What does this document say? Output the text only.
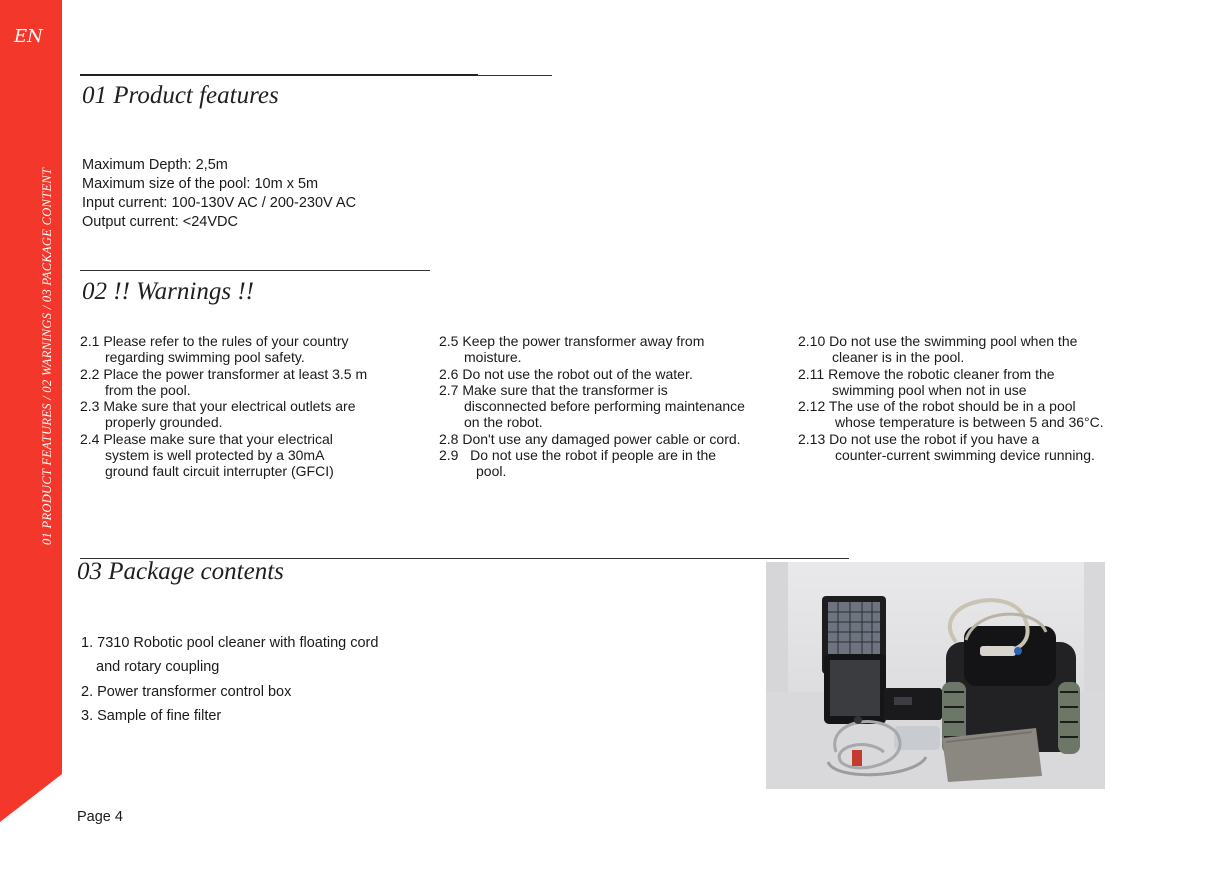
EN
01 PRODUCT FEATURES / 02 WARNINGS / 03 PACKAGE CONTENT
01 Product features
Maximum Depth: 2,5m
Maximum size of the pool: 10m x 5m
Input current: 100-130V AC / 200-230V AC
Output current: <24VDC
02 !! Warnings !!
2.1 Please refer to the rules of your country
regarding swimming pool safety.
2.2 Place the power transformer at least 3.5 m
from the pool.
2.3 Make sure that your electrical outlets are
properly grounded.
2.4 Please make sure that your electrical
system is well protected by a 30mA
ground fault circuit interrupter (GFCI)
2.5 Keep the power transformer away from
moisture.
2.6 Do not use the robot out of the water.
2.7 Make sure that the transformer is
disconnected before performing maintenance
on the robot.
2.8 Don't use any damaged power cable or cord.
2.9   Do not use the robot if people are in the
pool.
2.10 Do not use the swimming pool when the
cleaner is in the pool.
2.11 Remove the robotic cleaner from the
swimming pool when not in use
2.12 The use of the robot should be in a pool
whose temperature is between 5 and 36°C.
2.13 Do not use the robot if you have a
counter-current swimming device running.
03 Package contents
1. 7310 Robotic pool cleaner with floating cord
and rotary coupling
2. Power transformer control box
3. Sample of fine filter
Page 4
